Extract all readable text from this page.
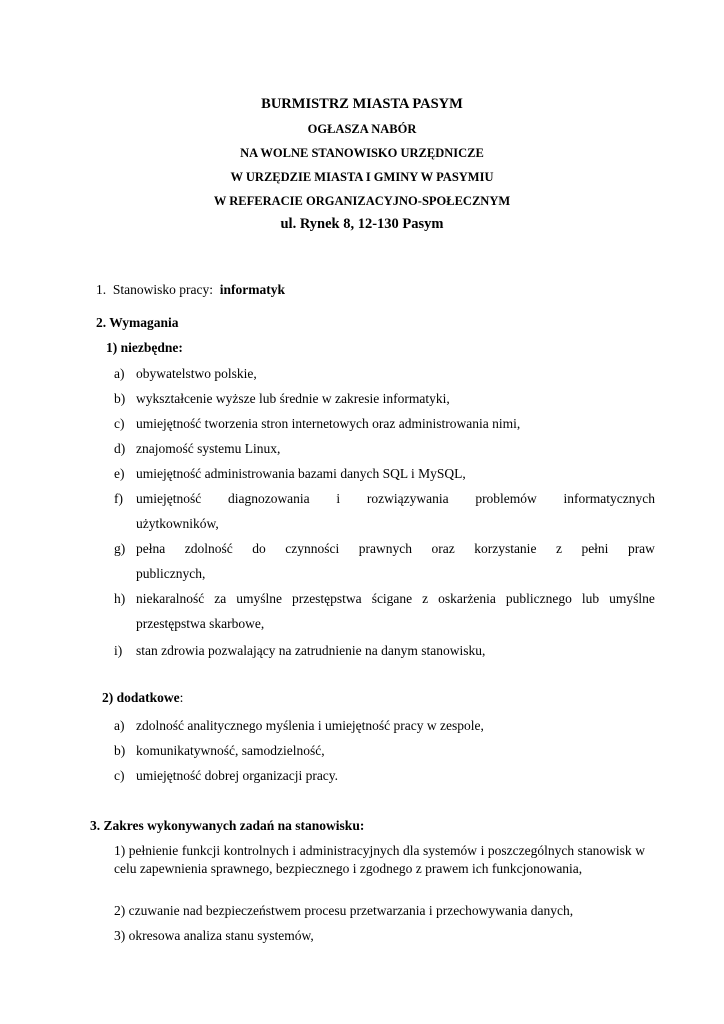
BURMISTRZ MIASTA PASYM
OGŁASZA NABÓR
NA WOLNE STANOWISKO URZĘDNICZE
W URZĘDZIE MIASTA I GMINY W PASYMIU
W REFERACIE ORGANIZACYJNO-SPOŁECZNYM
ul. Rynek 8, 12-130 Pasym
1. Stanowisko pracy: informatyk
2. Wymagania
1) niezbędne:
a) obywatelstwo polskie,
b) wykształcenie wyższe lub średnie w zakresie informatyki,
c) umiejętność tworzenia stron internetowych oraz administrowania nimi,
d) znajomość systemu Linux,
e) umiejętność administrowania bazami danych SQL i MySQL,
f) umiejętność diagnozowania i rozwiązywania problemów informatycznych
użytkowników,
g) pełna zdolność do czynności prawnych oraz korzystanie z pełni praw
publicznych,
h) niekaralność za umyślne przestępstwa ścigane z oskarżenia publicznego lub umyślne
przestępstwa skarbowe,
i) stan zdrowia pozwalający na zatrudnienie na danym stanowisku,
2) dodatkowe:
a) zdolność analitycznego myślenia i umiejętność pracy w zespole,
b) komunikatywność, samodzielność,
c) umiejętność dobrej organizacji pracy.
3. Zakres wykonywanych zadań na stanowisku:
1) pełnienie funkcji kontrolnych i administracyjnych dla systemów i poszczególnych stanowisk w celu zapewnienia sprawnego, bezpiecznego i zgodnego z prawem ich funkcjonowania,
2) czuwanie nad bezpieczeństwem procesu przetwarzania i przechowywania danych,
3) okresowa analiza stanu systemów,
